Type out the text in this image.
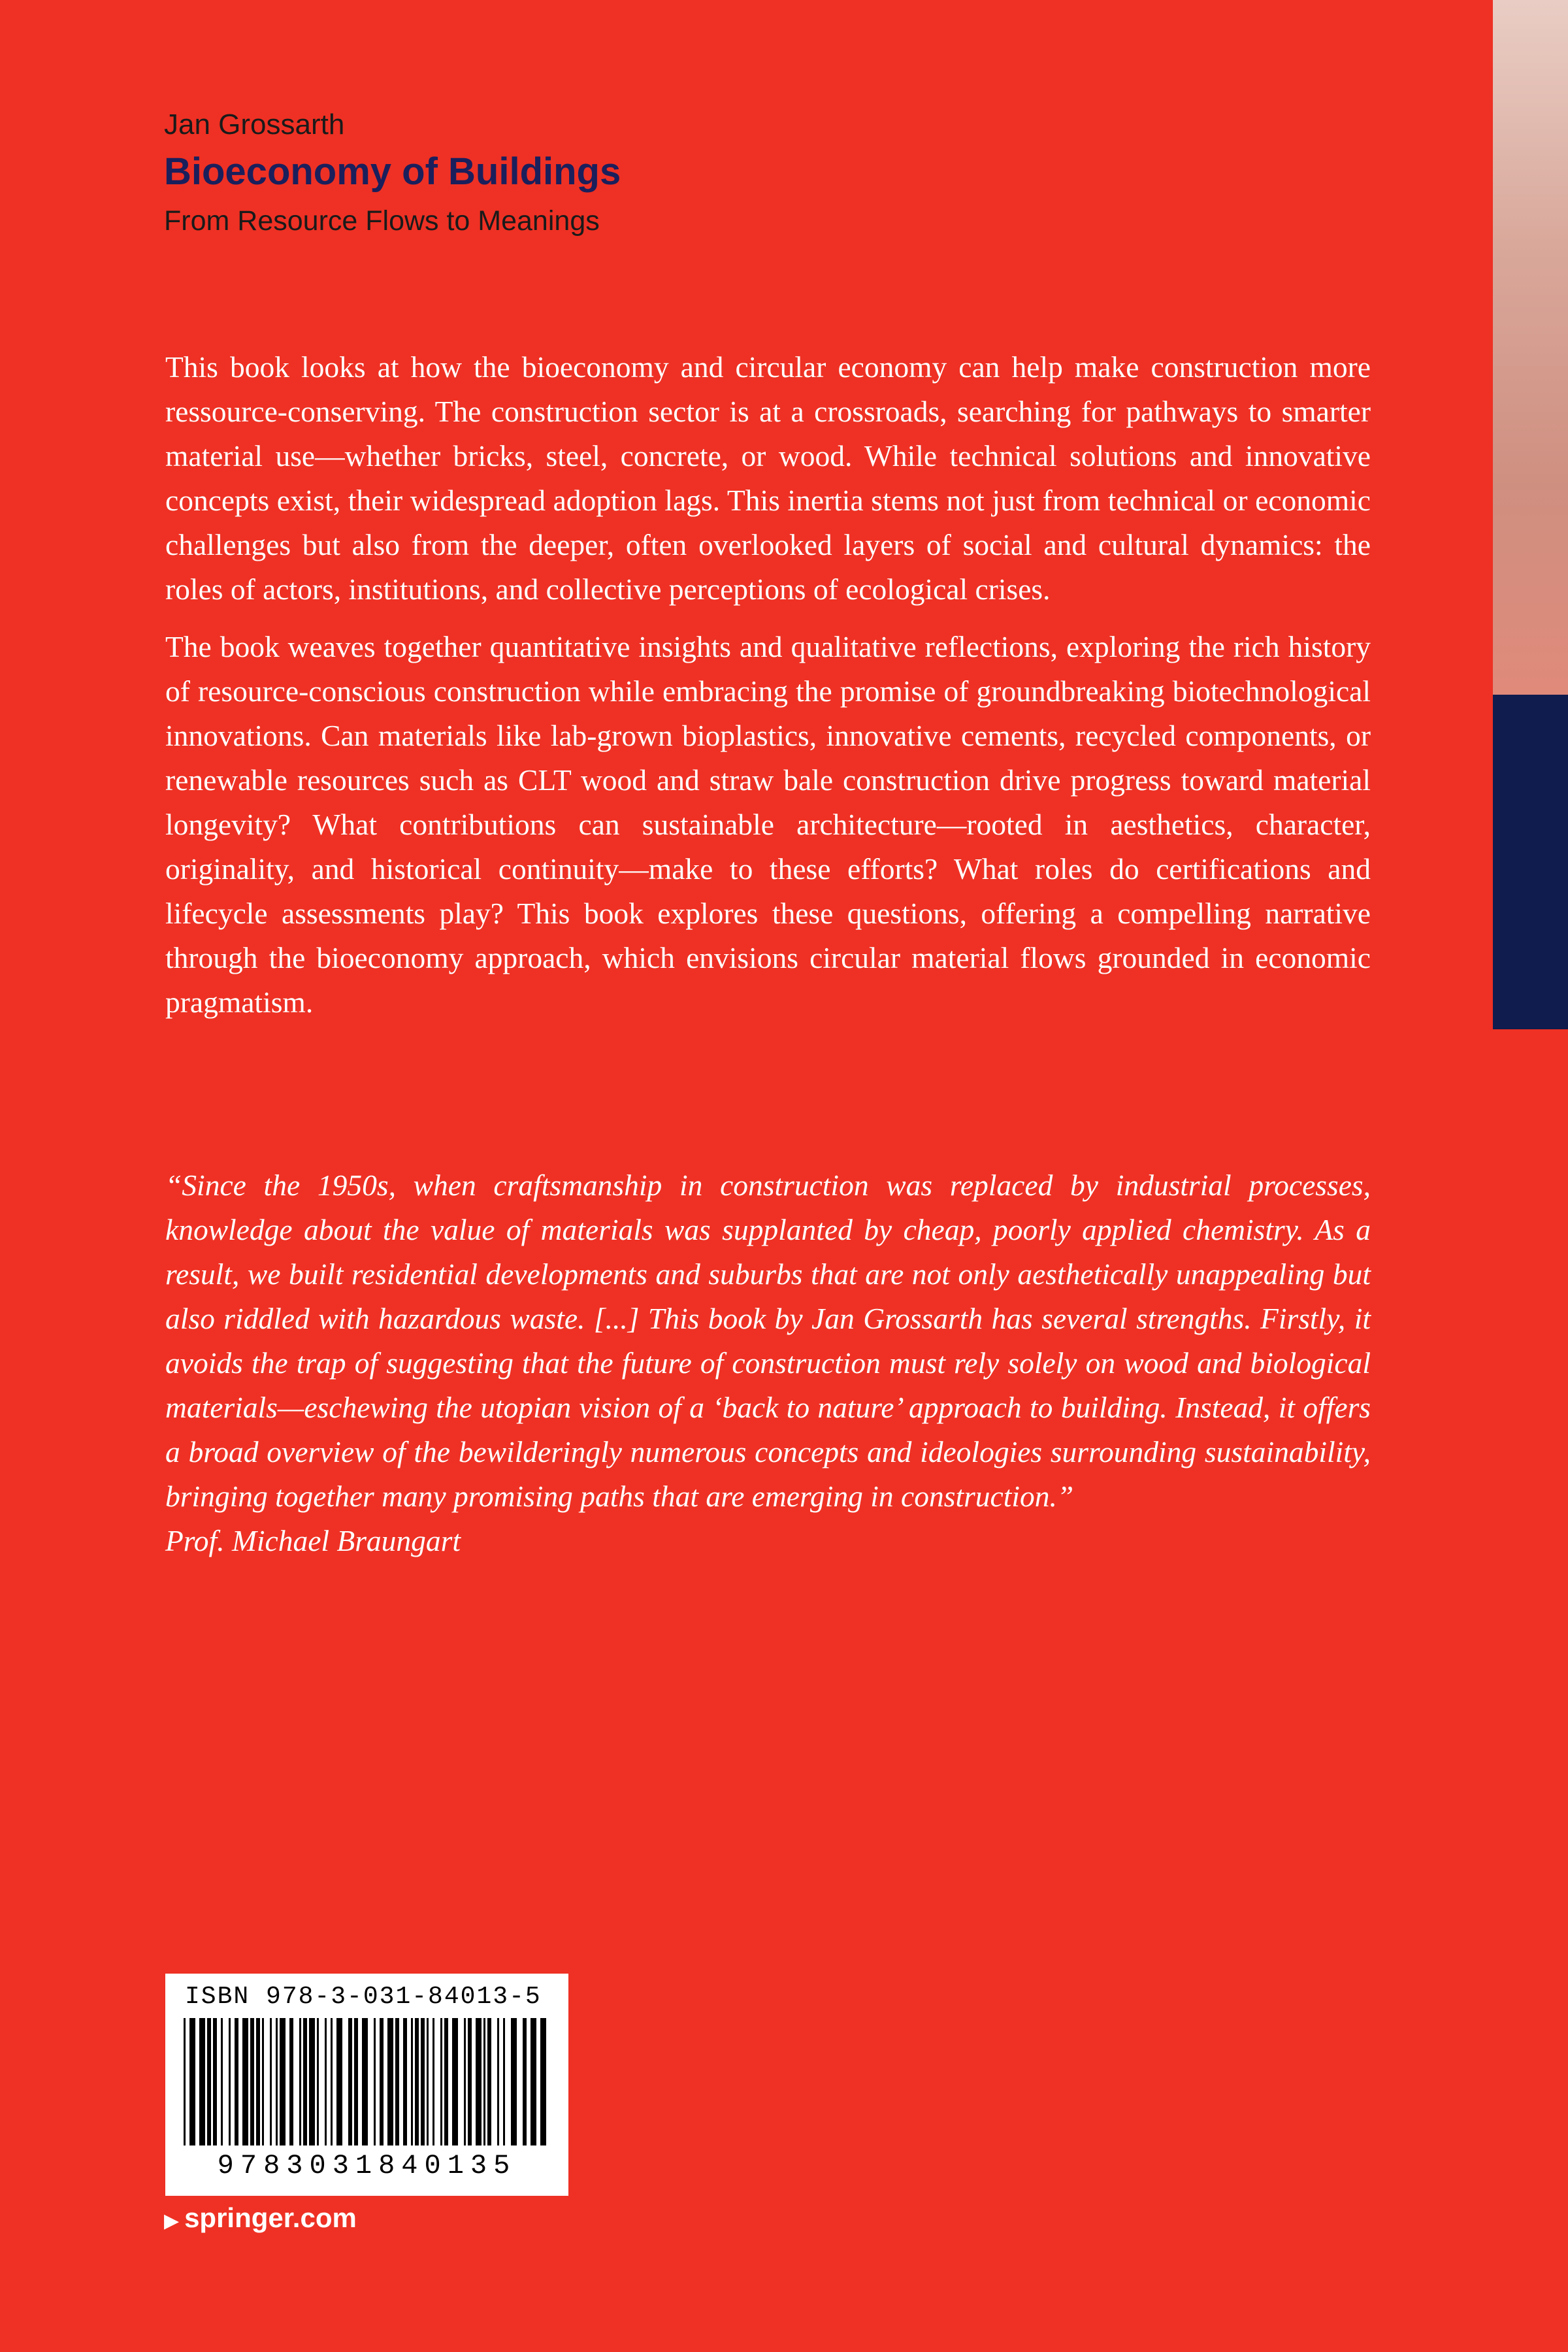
Jan Grossarth

Bioeconomy of Buildings

From Resource Flows to Meanings

This book looks at how the bioeconomy and circular economy can help make construction more ressource-conserving. The construction sector is at a crossroads, searching for pathways to smarter material use—whether bricks, steel, concrete, or wood. While technical solutions and innovative concepts exist, their widespread adoption lags. This inertia stems not just from technical or economic challenges but also from the deeper, often overlooked layers of social and cultural dynamics: the roles of actors, institutions, and collective perceptions of ecological crises.

The book weaves together quantitative insights and qualitative reflections, exploring the rich history of resource-conscious construction while embracing the promise of groundbreaking biotechnological innovations. Can materials like lab-grown bioplastics, innovative cements, recycled components, or renewable resources such as CLT wood and straw bale construction drive progress toward material longevity? What contributions can sustainable architecture—rooted in aesthetics, character, originality, and historical continuity—make to these efforts? What roles do certifications and lifecycle assessments play? This book explores these questions, offering a compelling narrative through the bioeconomy approach, which envisions circular material flows grounded in economic pragmatism.

“Since the 1950s, when craftsmanship in construction was replaced by industrial processes, knowledge about the value of materials was supplanted by cheap, poorly applied chemistry. As a result, we built residential developments and suburbs that are not only aesthetically unappealing but also riddled with hazardous waste. [...] This book by Jan Grossarth has several strengths. Firstly, it avoids the trap of suggesting that the future of construction must rely solely on wood and biological materials—eschewing the utopian vision of a ‘back to nature’ approach to building. Instead, it offers a broad overview of the bewilderingly numerous concepts and ideologies surrounding sustainability, bringing together many promising paths that are emerging in construction.”

Prof. Michael Braungart

ISBN 978-3-031-84013-5
9783031840135
▶ springer.com
